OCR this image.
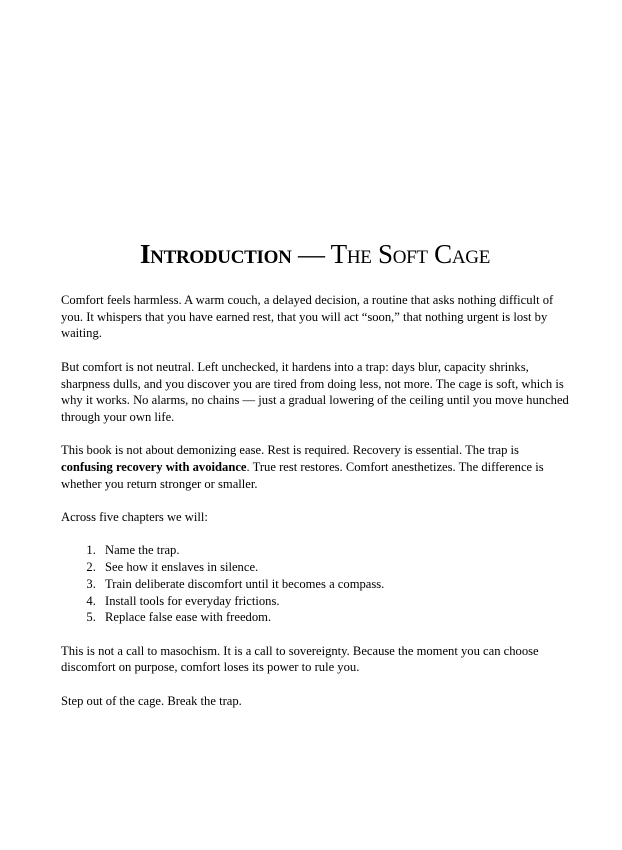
Introduction — The Soft Cage

Comfort feels harmless. A warm couch, a delayed decision, a routine that asks nothing difficult of you. It whispers that you have earned rest, that you will act “soon,” that nothing urgent is lost by waiting.

But comfort is not neutral. Left unchecked, it hardens into a trap: days blur, capacity shrinks, sharpness dulls, and you discover you are tired from doing less, not more. The cage is soft, which is why it works. No alarms, no chains — just a gradual lowering of the ceiling until you move hunched through your own life.

This book is not about demonizing ease. Rest is required. Recovery is essential. The trap is confusing recovery with avoidance. True rest restores. Comfort anesthetizes. The difference is whether you return stronger or smaller.

Across five chapters we will:

1. Name the trap.
2. See how it enslaves in silence.
3. Train deliberate discomfort until it becomes a compass.
4. Install tools for everyday frictions.
5. Replace false ease with freedom.

This is not a call to masochism. It is a call to sovereignty. Because the moment you can choose discomfort on purpose, comfort loses its power to rule you.

Step out of the cage. Break the trap.
